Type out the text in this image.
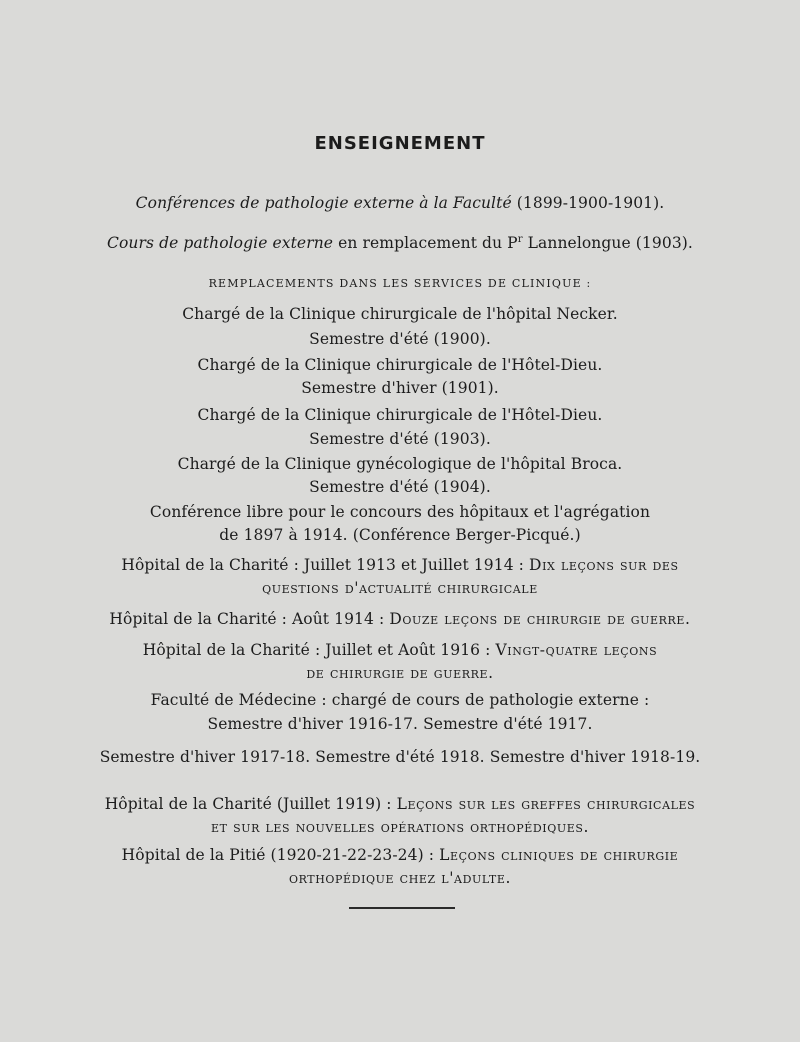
ENSEIGNEMENT
Conférences de pathologie externe à la Faculté (1899-1900-1901).
Cours de pathologie externe en remplacement du $P^r$ Lannelongue (1903).
REMPLACEMENTS DANS LES SERVICES DE CLINIQUE :
Chargé de la Clinique chirurgicale de l'hôpital Necker.
Semestre d'été (1900).
Chargé de la Clinique chirurgicale de l'Hôtel-Dieu.
Semestre d'hiver (1901).
Chargé de la Clinique chirurgicale de l'Hôtel-Dieu.
Semestre d'été (1903).
Chargé de la Clinique gynécologique de l'hôpital Broca.
Semestre d'été (1904).
Conférence libre pour le concours des hôpitaux et l'agrégation
de 1897 à 1914. (Conférence Berger-Picqué.)
Hôpital de la Charité : Juillet 1913 et Juillet 1914 : Dix leçons sur des
questions d'actualité chirurgicale
Hôpital de la Charité : Août 1914 : Douze leçons de chirurgie de guerre.
Hôpital de la Charité : Juillet et Août 1916 : Vingt-quatre leçons
de chirurgie de guerre.
Faculté de Médecine : chargé de cours de pathologie externe :
Semestre d'hiver 1916-17. Semestre d'été 1917.
Semestre d'hiver 1917-18. Semestre d'été 1918. Semestre d'hiver 1918-19.
Hôpital de la Charité (Juillet 1919) : Leçons sur les greffes chirurgicales
et sur les nouvelles opérations orthopédiques.
Hôpital de la Pitié (1920-21-22-23-24) : Leçons cliniques de chirurgie
orthopédique chez l'adulte.
